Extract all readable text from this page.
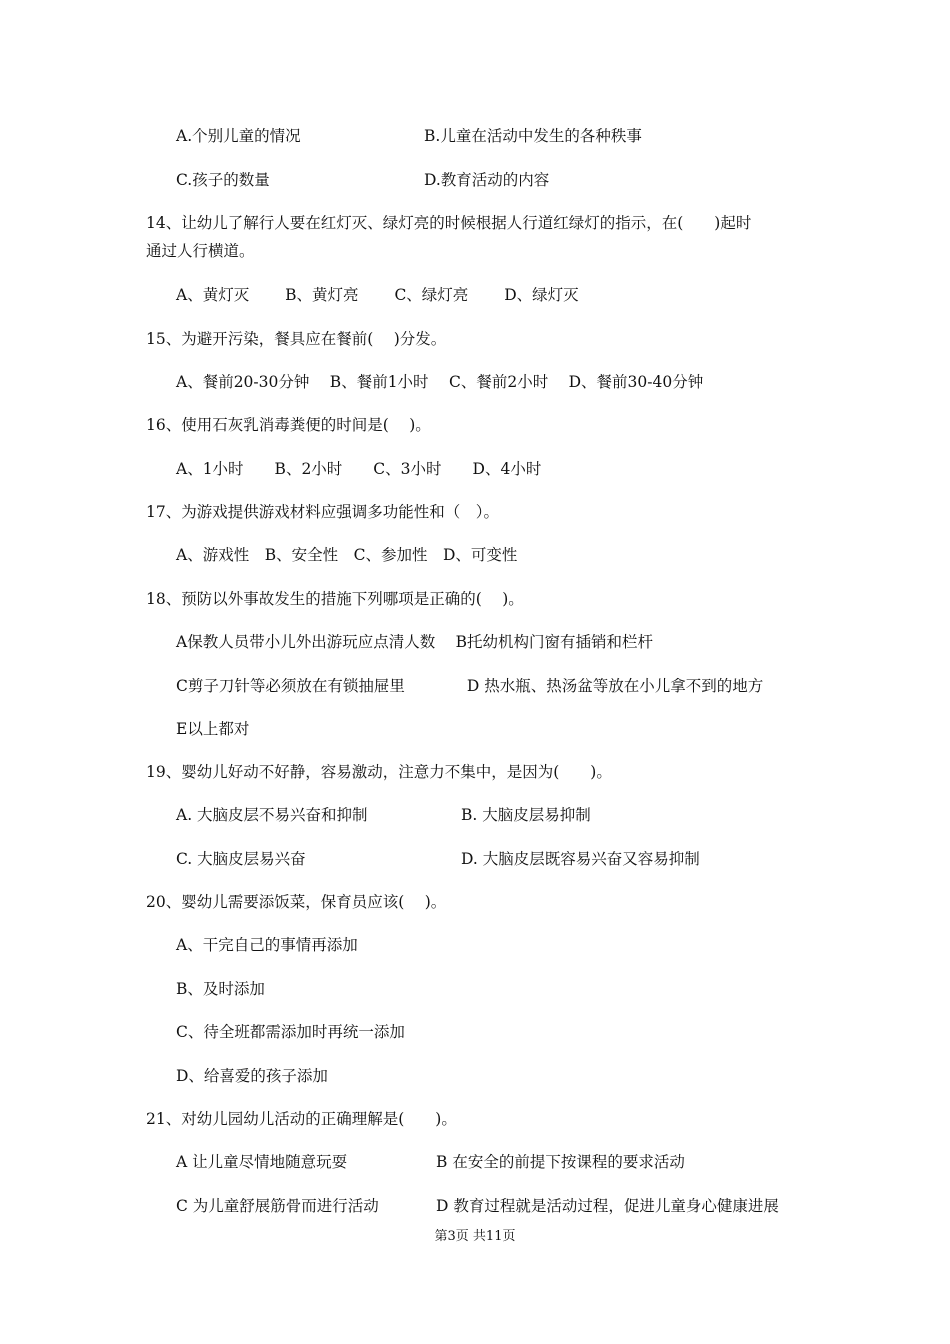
A.个别儿童的情况	B.儿童在活动中发生的各种秩事
C.孩子的数量	D.教育活动的内容
14、让幼儿了解行人要在红灯灭、绿灯亮的时候根据人行道红绿灯的指示，在(　　)起时
通过人行横道。
A、黄灯灭　　 B、黄灯亮　　 C、绿灯亮　　 D、绿灯灭
15、为避开污染，餐具应在餐前(　 )分发。
A、餐前20-30分钟　 B、餐前1小时　 C、餐前2小时　 D、餐前30-40分钟
16、使用石灰乳消毒粪便的时间是(　 )。
A、1小时　　B、2小时　　C、3小时　　D、4小时
17、为游戏提供游戏材料应强调多功能性和（　）。
A、游戏性　B、安全性　C、参加性　D、可变性
18、预防以外事故发生的措施下列哪项是正确的(　 )。
A保教人员带小儿外出游玩应点清人数　 B托幼机构门窗有插销和栏杆
C剪子刀针等必须放在有锁抽屉里　　　　D 热水瓶、热汤盆等放在小儿拿不到的地方
E以上都对
19、婴幼儿好动不好静，容易激动，注意力不集中，是因为(　　)。
A. 大脑皮层不易兴奋和抑制	B. 大脑皮层易抑制
C. 大脑皮层易兴奋	D. 大脑皮层既容易兴奋又容易抑制
20、婴幼儿需要添饭菜，保育员应该(　 )。
A、干完自己的事情再添加
B、及时添加
C、待全班都需添加时再统一添加
D、给喜爱的孩子添加
21、对幼儿园幼儿活动的正确理解是(　　)。
A 让儿童尽情地随意玩耍	B 在安全的前提下按课程的要求活动
C 为儿童舒展筋骨而进行活动	D 教育过程就是活动过程，促进儿童身心健康进展
第3页 共11页
